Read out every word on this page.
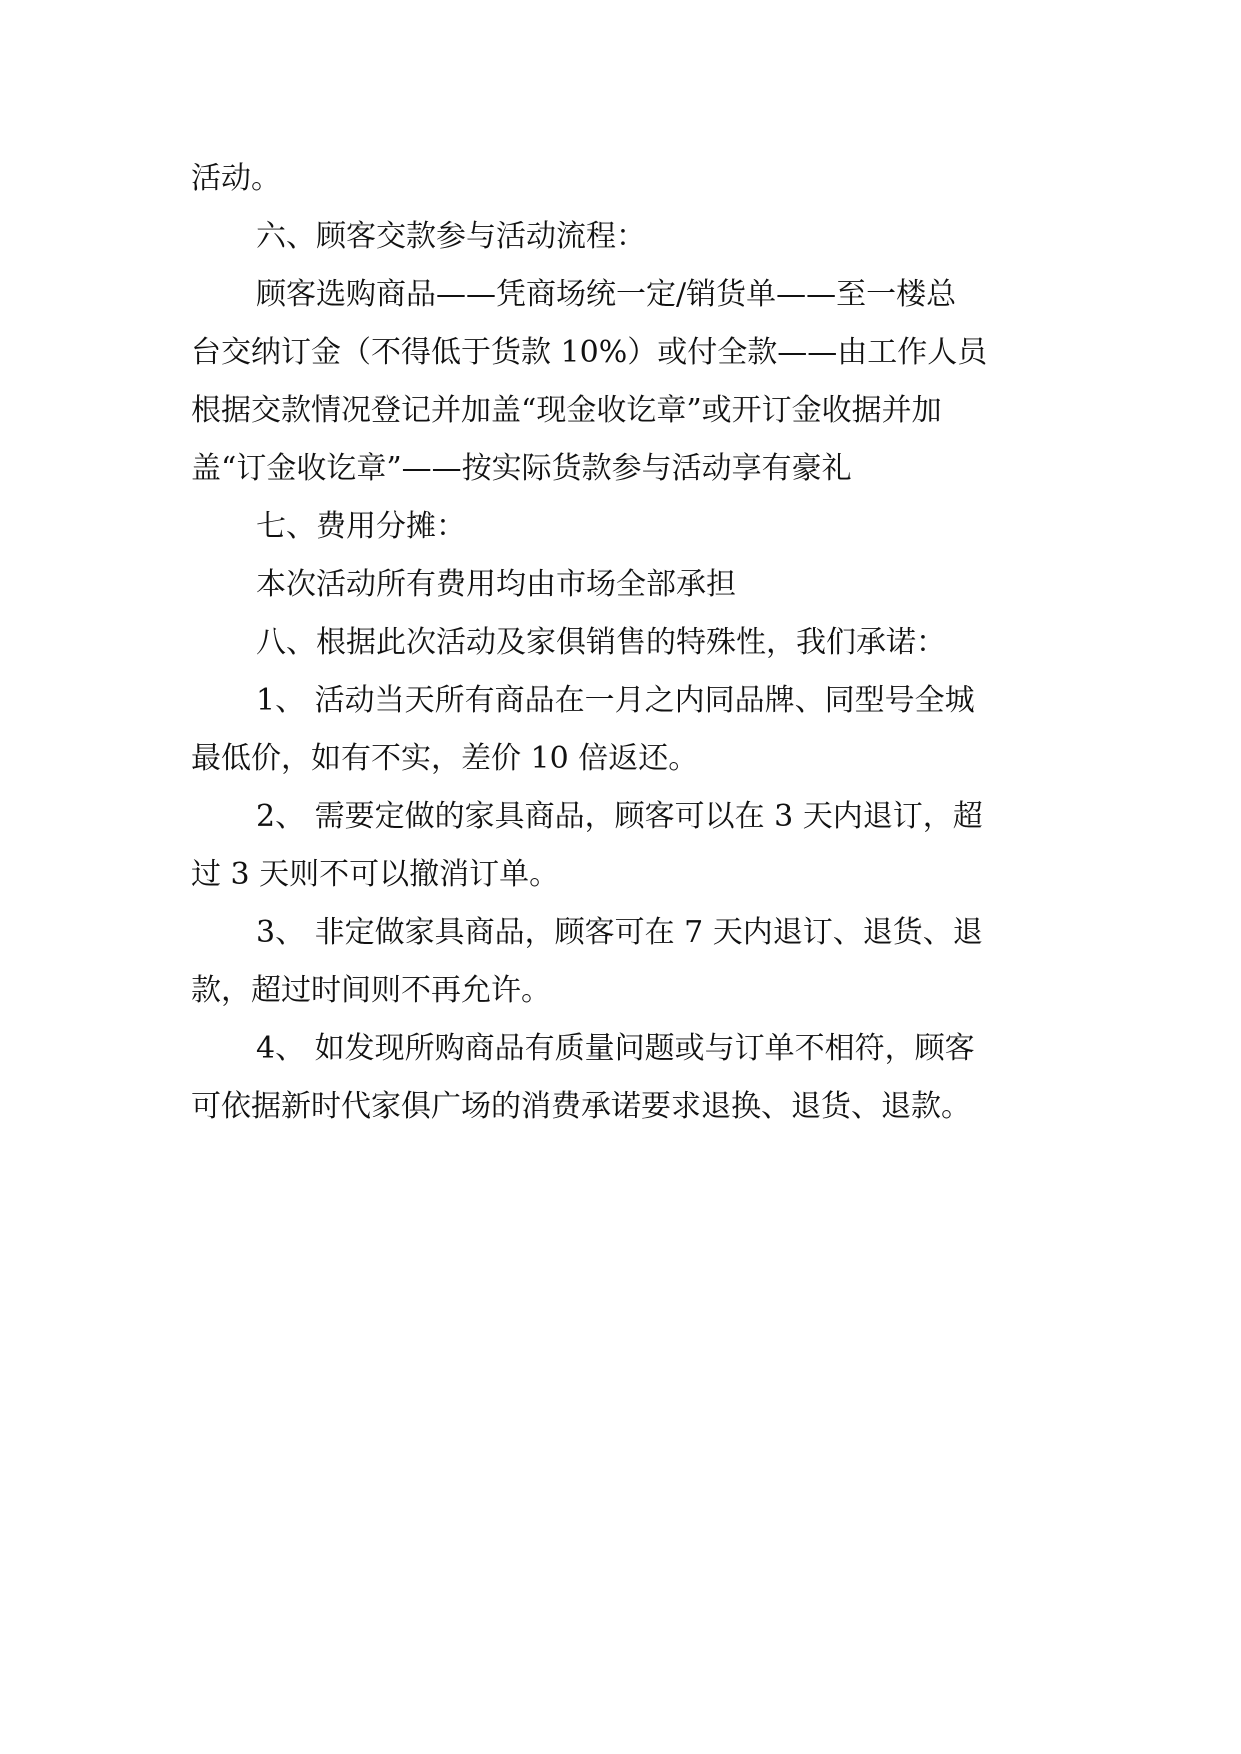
活动。
六、顾客交款参与活动流程：
顾客选购商品——凭商场统一定/销货单——至一楼总
台交纳订金（不得低于货款 10%）或付全款——由工作人员
根据交款情况登记并加盖“现金收讫章”或开订金收据并加
盖“订金收讫章”——按实际货款参与活动享有豪礼
七、费用分摊：
本次活动所有费用均由市场全部承担
八、根据此次活动及家俱销售的特殊性，我们承诺：
1、 活动当天所有商品在一月之内同品牌、同型号全城
最低价，如有不实，差价 10 倍返还。
2、 需要定做的家具商品，顾客可以在 3 天内退订，超
过 3 天则不可以撤消订单。
3、 非定做家具商品，顾客可在 7 天内退订、退货、退
款，超过时间则不再允许。
4、 如发现所购商品有质量问题或与订单不相符，顾客
可依据新时代家俱广场的消费承诺要求退换、退货、退款。
